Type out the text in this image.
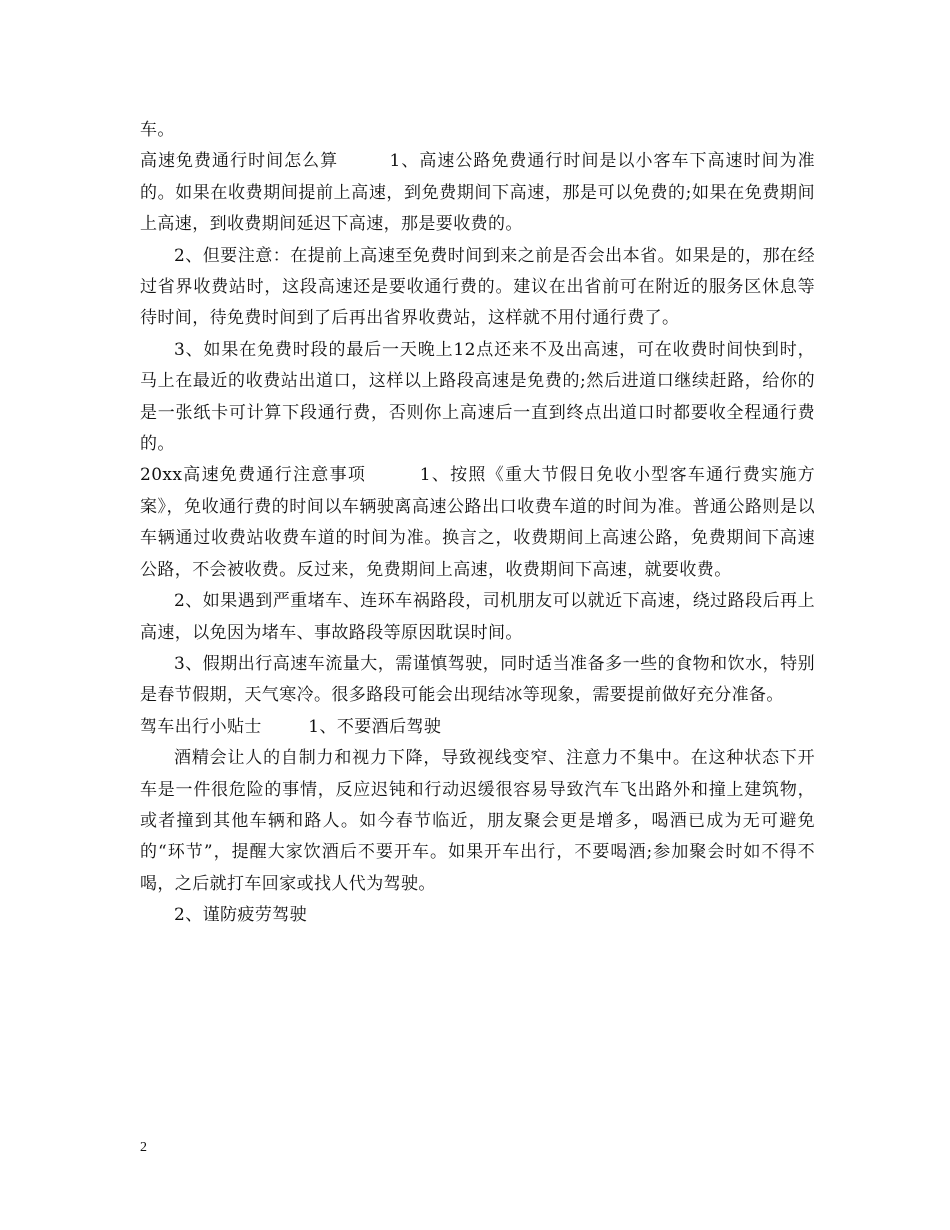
车。

高速免费通行时间怎么算	1、高速公路免费通行时间是以小客车下高速时间为准的。如果在收费期间提前上高速，到免费期间下高速，那是可以免费的;如果在免费期间上高速，到收费期间延迟下高速，那是要收费的。

2、但要注意：在提前上高速至免费时间到来之前是否会出本省。如果是的，那在经过省界收费站时，这段高速还是要收通行费的。建议在出省前可在附近的服务区休息等待时间，待免费时间到了后再出省界收费站，这样就不用付通行费了。

3、如果在免费时段的最后一天晚上12点还来不及出高速，可在收费时间快到时，马上在最近的收费站出道口，这样以上路段高速是免费的;然后进道口继续赶路，给你的是一张纸卡可计算下段通行费，否则你上高速后一直到终点出道口时都要收全程通行费的。

20xx高速免费通行注意事项	1、按照《重大节假日免收小型客车通行费实施方案》，免收通行费的时间以车辆驶离高速公路出口收费车道的时间为准。普通公路则是以车辆通过收费站收费车道的时间为准。换言之，收费期间上高速公路，免费期间下高速公路，不会被收费。反过来，免费期间上高速，收费期间下高速，就要收费。

2、如果遇到严重堵车、连环车祸路段，司机朋友可以就近下高速，绕过路段后再上高速，以免因为堵车、事故路段等原因耽误时间。

3、假期出行高速车流量大，需谨慎驾驶，同时适当准备多一些的食物和饮水，特别是春节假期，天气寒冷。很多路段可能会出现结冰等现象，需要提前做好充分准备。

驾车出行小贴士	1、不要酒后驾驶

酒精会让人的自制力和视力下降，导致视线变窄、注意力不集中。在这种状态下开车是一件很危险的事情，反应迟钝和行动迟缓很容易导致汽车飞出路外和撞上建筑物，或者撞到其他车辆和路人。如今春节临近，朋友聚会更是增多，喝酒已成为无可避免的“环节”，提醒大家饮酒后不要开车。如果开车出行，不要喝酒;参加聚会时如不得不喝，之后就打车回家或找人代为驾驶。

2、谨防疲劳驾驶

2
